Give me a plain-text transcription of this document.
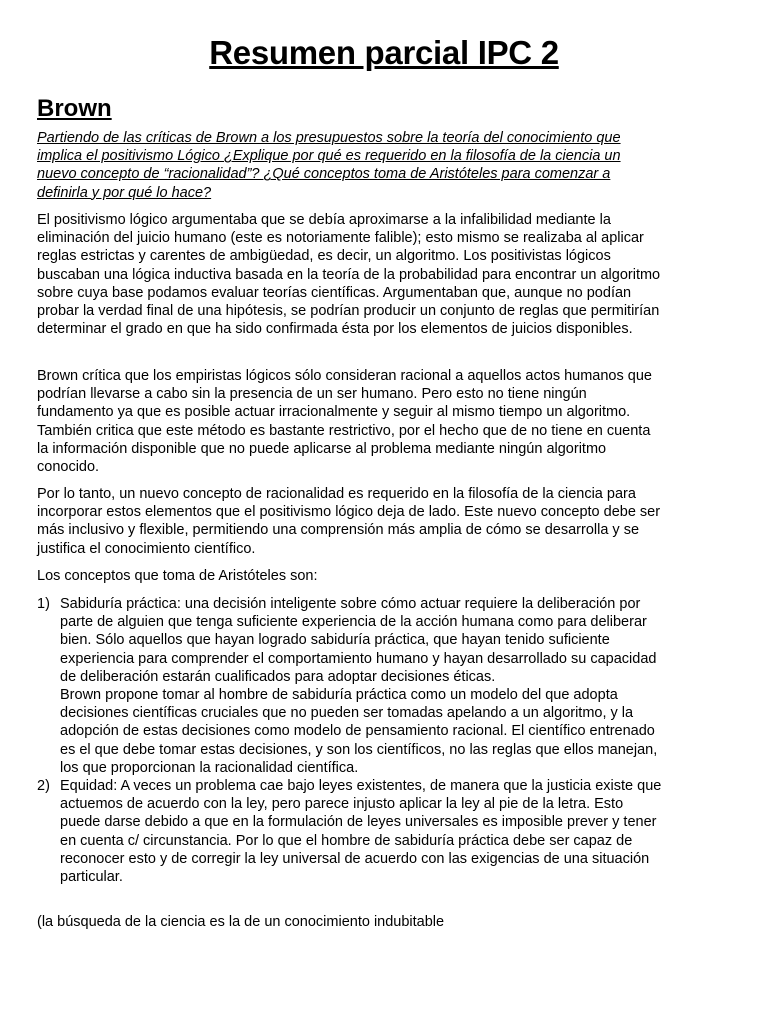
Resumen parcial IPC 2
Brown

Partiendo de las críticas de Brown a los presupuestos sobre la teoría del conocimiento que implica el positivismo Lógico ¿Explique por qué es requerido en la filosofía de la ciencia un nuevo concepto de “racionalidad”? ¿Qué conceptos toma de Aristóteles para comenzar a definirla y por qué lo hace?

El positivismo lógico argumentaba que se debía aproximarse a la infalibilidad mediante la eliminación del juicio humano (este es notoriamente falible); esto mismo se realizaba al aplicar reglas estrictas y carentes de ambigüedad, es decir, un algoritmo. Los positivistas lógicos buscaban una lógica inductiva basada en la teoría de la probabilidad para encontrar un algoritmo sobre cuya base podamos evaluar teorías científicas. Argumentaban que, aunque no podían probar la verdad final de una hipótesis, se podrían producir un conjunto de reglas que permitirían determinar el grado en que ha sido confirmada ésta por los elementos de juicios disponibles.

Brown crítica que los empiristas lógicos sólo consideran racional a aquellos actos humanos que podrían llevarse a cabo sin la presencia de un ser humano. Pero esto no tiene ningún fundamento ya que es posible actuar irracionalmente y seguir al mismo tiempo un algoritmo. También critica que este método es bastante restrictivo, por el hecho que de no tiene en cuenta la información disponible que no puede aplicarse al problema mediante ningún algoritmo conocido.

Por lo tanto, un nuevo concepto de racionalidad es requerido en la filosofía de la ciencia para incorporar estos elementos que el positivismo lógico deja de lado. Este nuevo concepto debe ser más inclusivo y flexible, permitiendo una comprensión más amplia de cómo se desarrolla y se justifica el conocimiento científico.

Los conceptos que toma de Aristóteles son:

1) Sabiduría práctica: una decisión inteligente sobre cómo actuar requiere la deliberación por parte de alguien que tenga suficiente experiencia de la acción humana como para deliberar bien. Sólo aquellos que hayan logrado sabiduría práctica, que hayan tenido suficiente experiencia para comprender el comportamiento humano y hayan desarrollado su capacidad de deliberación estarán cualificados para adoptar decisiones éticas.

Brown propone tomar al hombre de sabiduría práctica como un modelo del que adopta decisiones científicas cruciales que no pueden ser tomadas apelando a un algoritmo, y la adopción de estas decisiones como modelo de pensamiento racional. El científico entrenado es el que debe tomar estas decisiones, y son los científicos, no las reglas que ellos manejan, los que proporcionan la racionalidad científica.

2) Equidad: A veces un problema cae bajo leyes existentes, de manera que la justicia existe que actuemos de acuerdo con la ley, pero parece injusto aplicar la ley al pie de la letra. Esto puede darse debido a que en la formulación de leyes universales es imposible prever y tener en cuenta c/ circunstancia. Por lo que el hombre de sabiduría práctica debe ser capaz de reconocer esto y de corregir la ley universal de acuerdo con las exigencias de una situación particular.

(la búsqueda de la ciencia es la de un conocimiento indubitable
